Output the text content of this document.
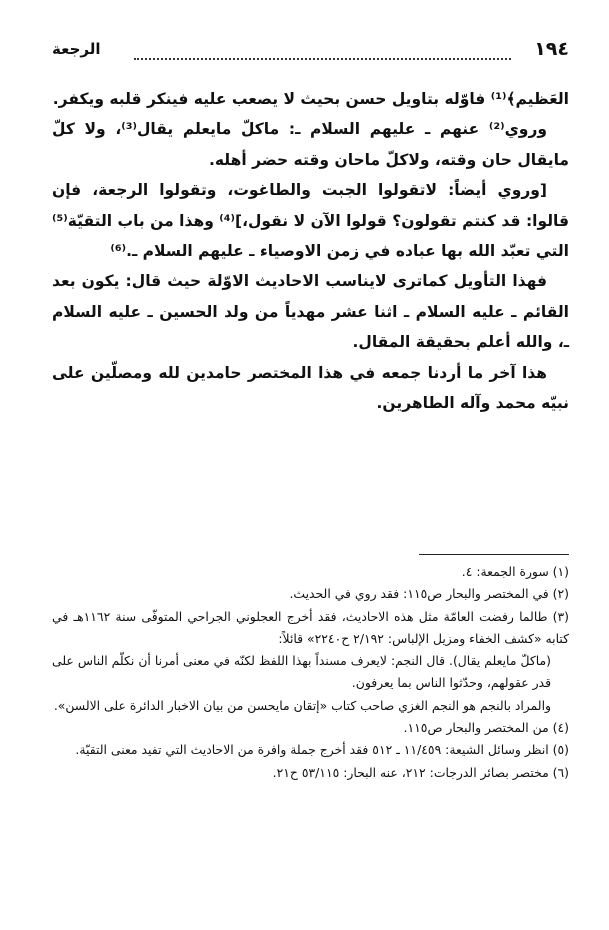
١٩٤
الرجعة

العَظيم﴾⁽¹⁾ فاوّله بتاويل حسن بحيث لا يصعب عليه فينكر قلبه ويكفر.

وروي⁽²⁾ عنهم ـ عليهم السلام ـ: ماكلّ مايعلم يقال⁽³⁾، ولا كلّ مايقال حان وقته، ولاكلّ ماحان وقته حضر أهله.

[وروي أيضاً: لاتقولوا الجبت والطاغوت، وتقولوا الرجعة، فإن قالوا: قد كنتم تقولون؟ قولوا الآن لا نقول،]⁽⁴⁾ وهذا من باب التقيّة⁽⁵⁾ التي تعبّد الله بها عباده في زمن الاوصياء ـ عليهم السلام ـ.⁽⁶⁾

فهذا التأويل كماترى لايناسب الاحاديث الاوّلة حيث قال: يكون بعد القائم ـ عليه السلام ـ اثنا عشر مهدياً من ولد الحسين ـ عليه السلام ـ، والله أعلم بحقيقة المقال.

هذا آخر ما أردنا جمعه في هذا المختصر حامدين لله ومصلّين على نبيّه محمد وآله الطاهرين.

(١) سورة الجمعة: ٤.

(٢) في المختصر والبحار ص١١٥: فقد روي في الحديث.

(٣) طالما رفضت العامّة مثل هذه الاحاديث، فقد أخرج العجلوني الجراحي المتوفّى سنة ١١٦٢هـ في كتابه «كشف الخفاء ومزيل الإلباس: ٢/١٩٢ ح٢٢٤٠» قائلاً:

(ماكلّ مايعلم يقال). قال النجم: لايعرف مسنداً بهذا اللفظ لكنّه في معنى أمرنا أن نكلّم الناس على قدر عقولهم، وحدّثوا الناس بما يعرفون.

والمراد بالنجم هو النجم الغزي صاحب كتاب «إتقان مايحسن من بيان الاخبار الدائرة على الالسن».

(٤) من المختصر والبحار ص١١٥.

(٥) انظر وسائل الشيعة: ١١/٤٥٩ ـ ٥١٢ فقد أخرج جملة وافرة من الاحاديث التي تفيد معنى التقيّة.

(٦) مختصر بصائر الدرجات: ٢١٢، عنه البحار: ٥٣/١١٥ ح٢١.
